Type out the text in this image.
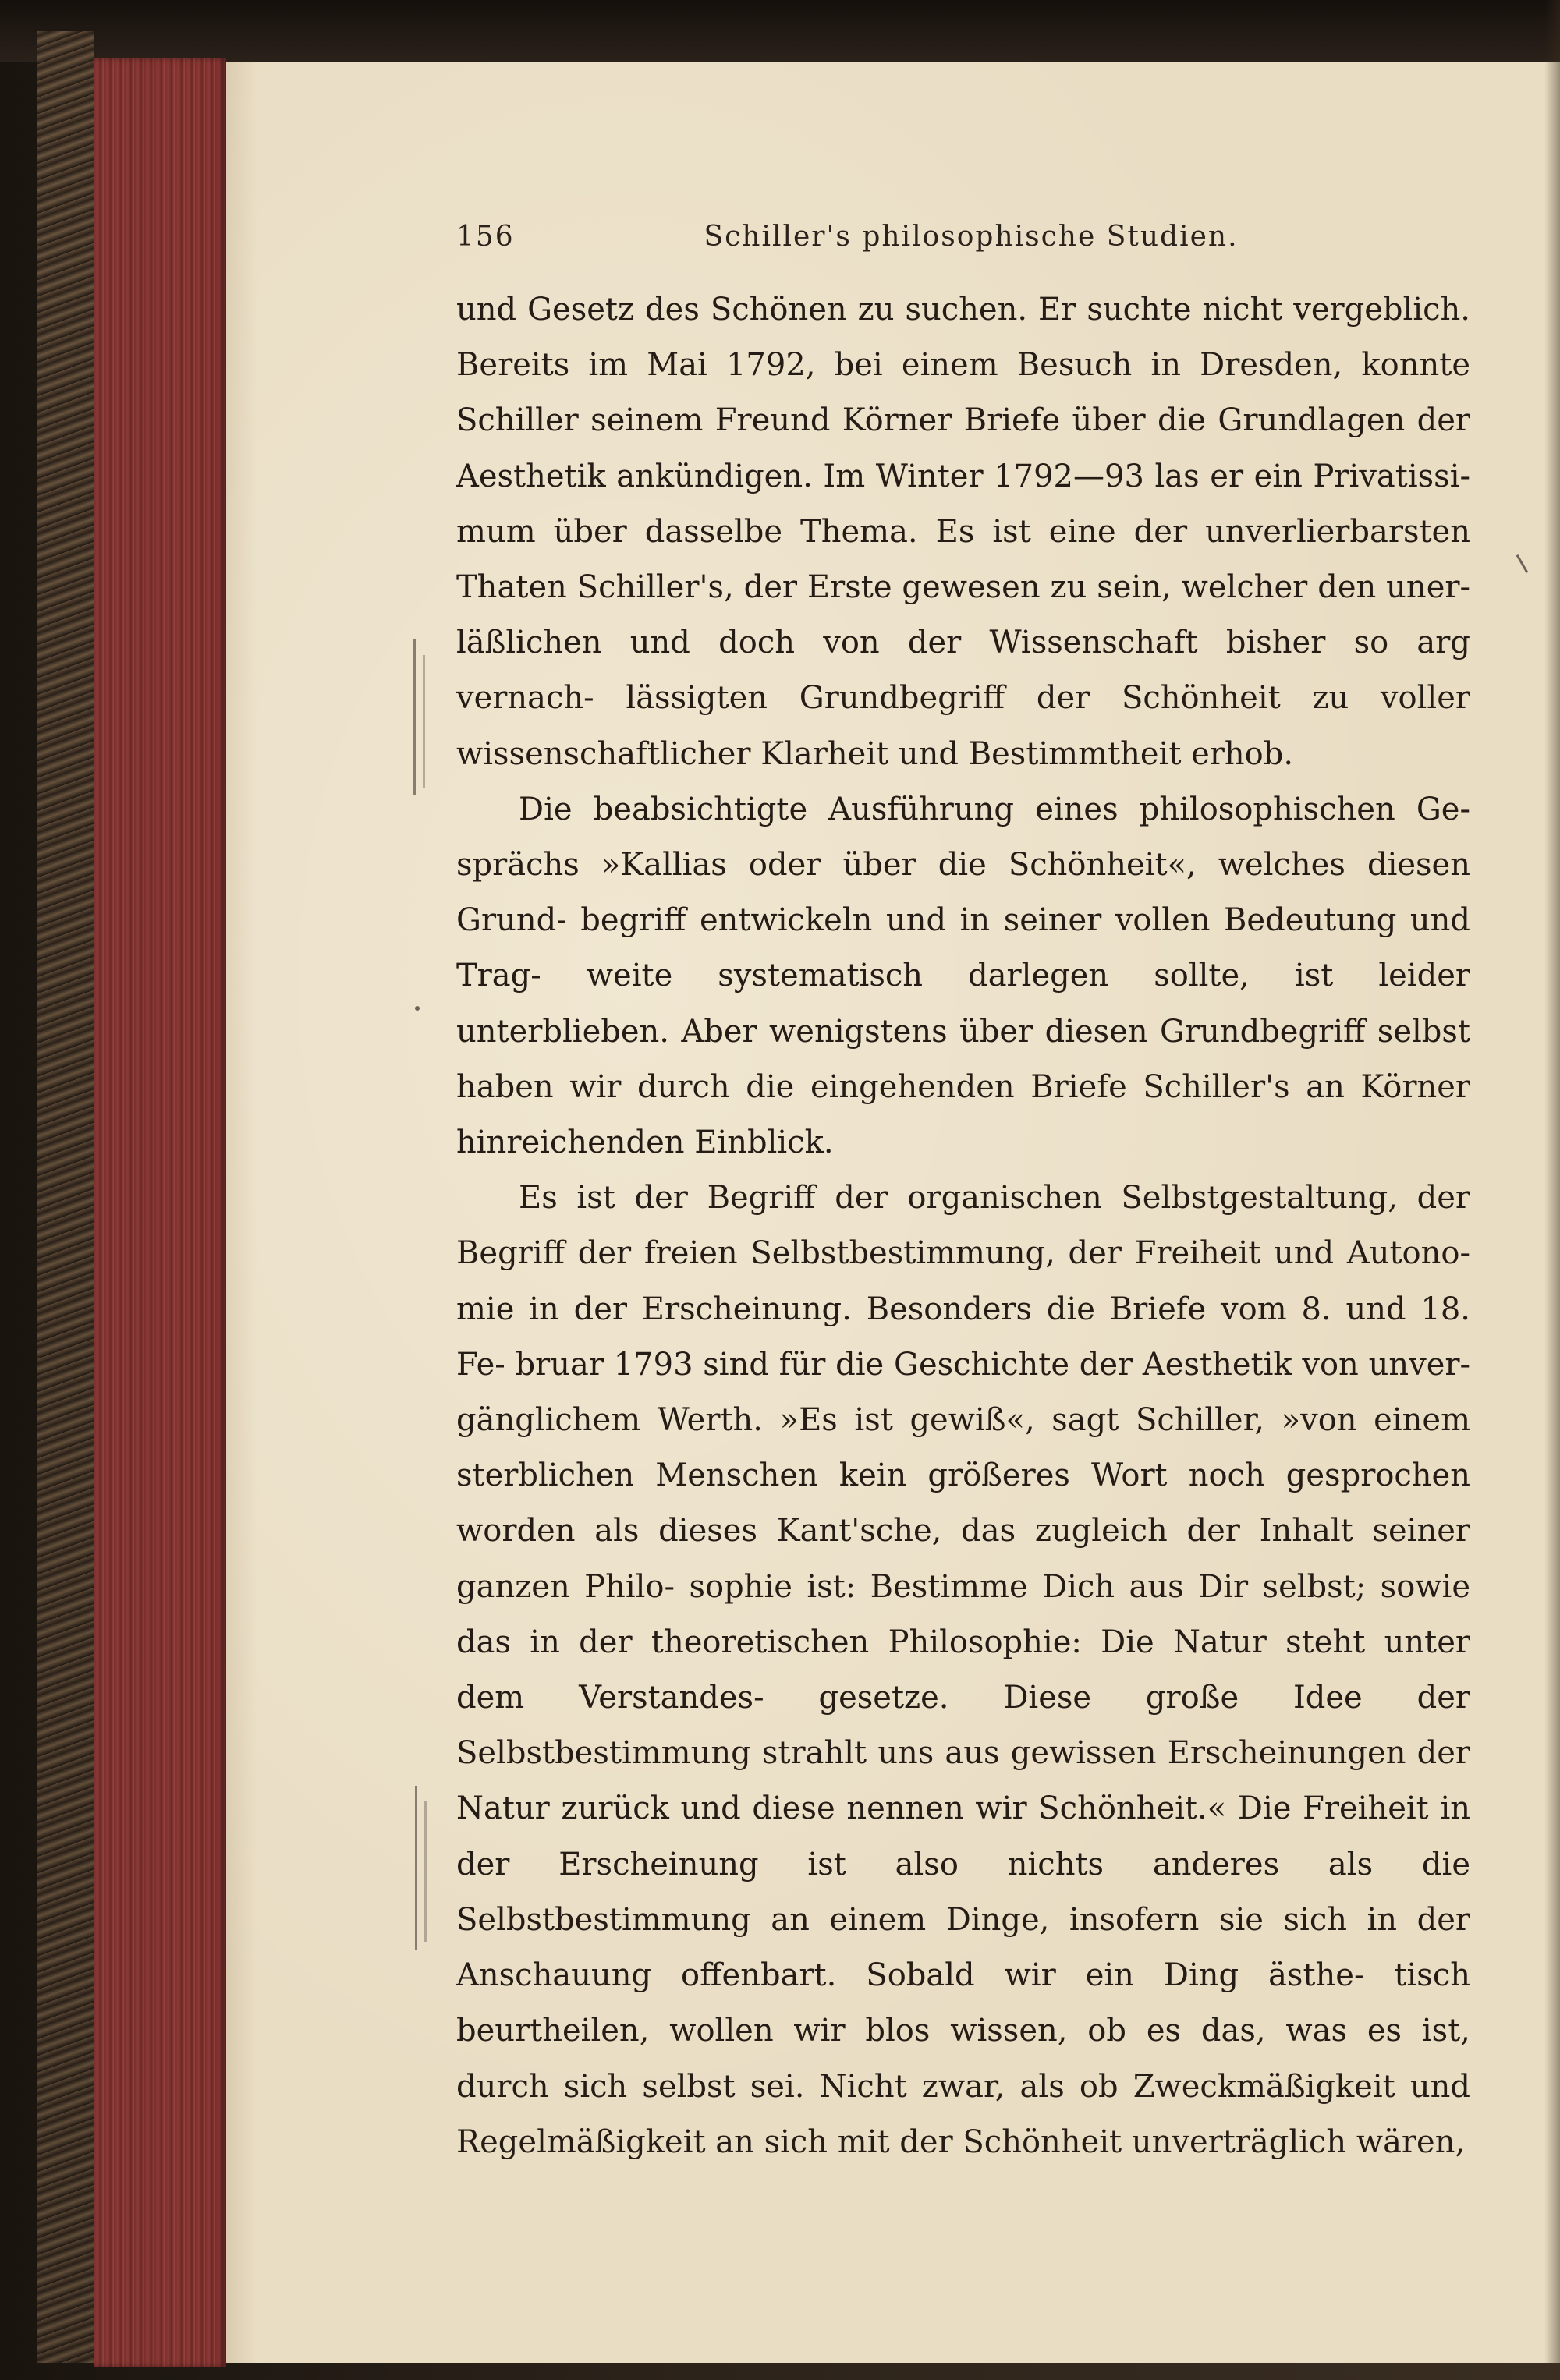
156	Schiller's philosophische Studien.

und Gesetz des Schönen zu suchen. Er suchte nicht vergeblich. Bereits im Mai 1792, bei einem Besuch in Dresden, konnte Schiller seinem Freund Körner Briefe über die Grundlagen der Aesthetik ankündigen. Im Winter 1792—93 las er ein Privatissi- mum über dasselbe Thema. Es ist eine der unverlierbarsten Thaten Schiller's, der Erste gewesen zu sein, welcher den uner- läßlichen und doch von der Wissenschaft bisher so arg vernach- lässigten Grundbegriff der Schönheit zu voller wissenschaftlicher Klarheit und Bestimmtheit erhob.

Die beabsichtigte Ausführung eines philosophischen Ge- sprächs »Kallias oder über die Schönheit«, welches diesen Grund- begriff entwickeln und in seiner vollen Bedeutung und Trag- weite systematisch darlegen sollte, ist leider unterblieben. Aber wenigstens über diesen Grundbegriff selbst haben wir durch die eingehenden Briefe Schiller's an Körner hinreichenden Einblick.

Es ist der Begriff der organischen Selbstgestaltung, der Begriff der freien Selbstbestimmung, der Freiheit und Autono- mie in der Erscheinung. Besonders die Briefe vom 8. und 18. Fe- bruar 1793 sind für die Geschichte der Aesthetik von unver- gänglichem Werth. »Es ist gewiß«, sagt Schiller, »von einem sterblichen Menschen kein größeres Wort noch gesprochen worden als dieses Kant'sche, das zugleich der Inhalt seiner ganzen Philo- sophie ist: Bestimme Dich aus Dir selbst; sowie das in der theoretischen Philosophie: Die Natur steht unter dem Verstandes- gesetze. Diese große Idee der Selbstbestimmung strahlt uns aus gewissen Erscheinungen der Natur zurück und diese nennen wir Schönheit.« Die Freiheit in der Erscheinung ist also nichts anderes als die Selbstbestimmung an einem Dinge, insofern sie sich in der Anschauung offenbart. Sobald wir ein Ding ästhe- tisch beurtheilen, wollen wir blos wissen, ob es das, was es ist, durch sich selbst sei. Nicht zwar, als ob Zweckmäßigkeit und Regelmäßigkeit an sich mit der Schönheit unverträglich wären,
